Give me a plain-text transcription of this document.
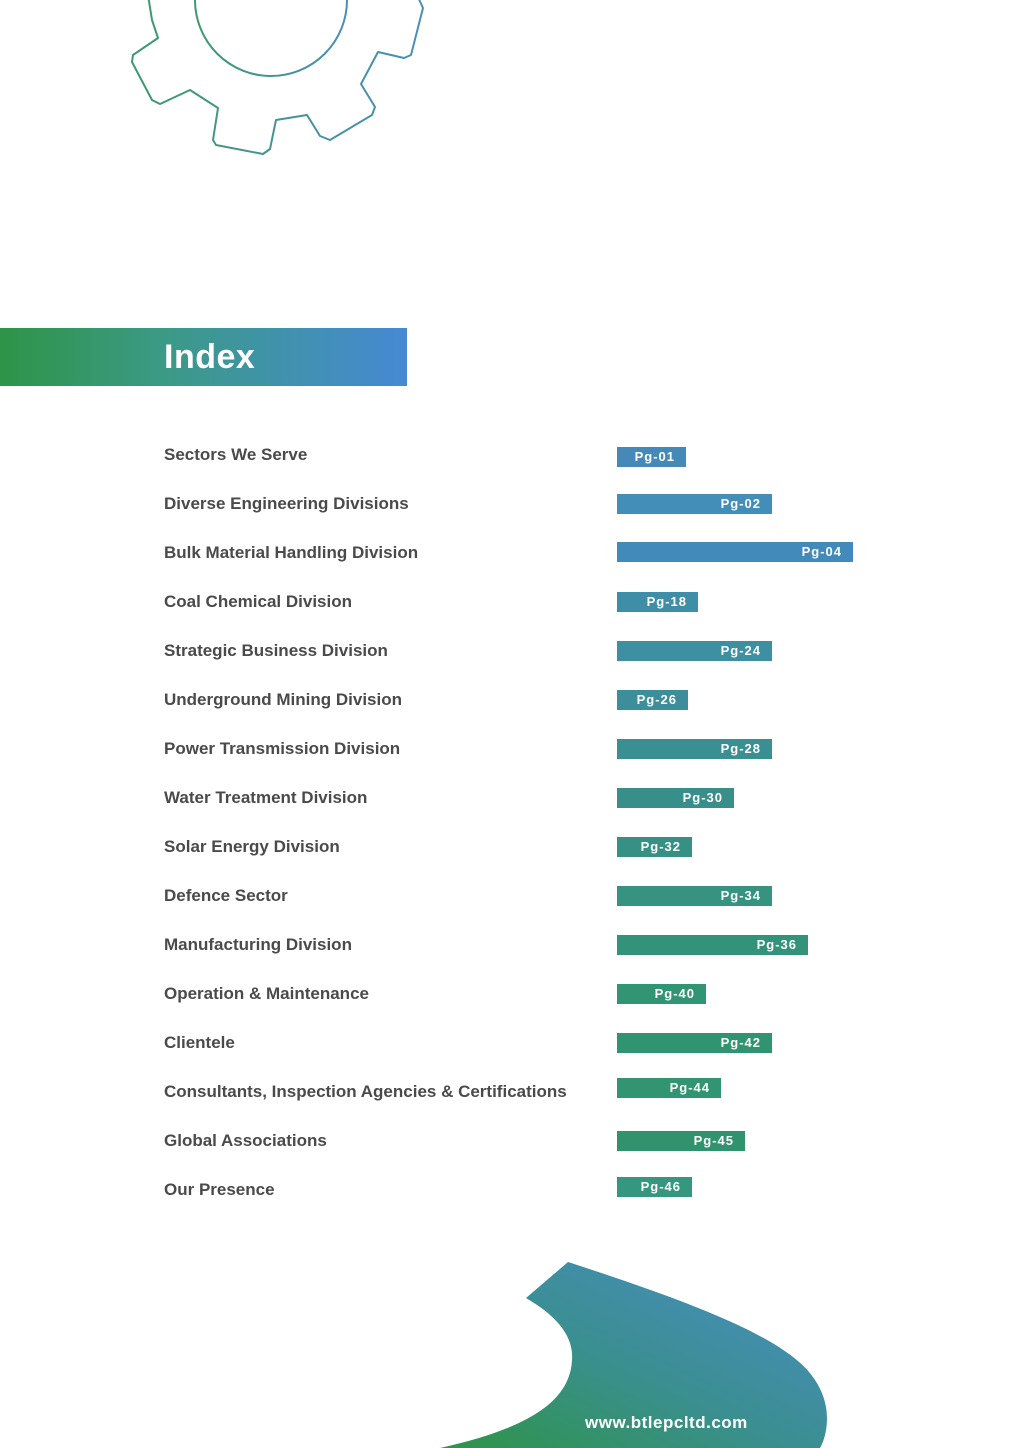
Index
Sectors We Serve	Pg-01
Diverse Engineering Divisions	Pg-02
Bulk Material Handling Division	Pg-04
Coal Chemical Division	Pg-18
Strategic Business Division	Pg-24
Underground Mining Division	Pg-26
Power Transmission Division	Pg-28
Water Treatment Division	Pg-30
Solar Energy Division	Pg-32
Defence Sector	Pg-34
Manufacturing Division	Pg-36
Operation & Maintenance	Pg-40
Clientele	Pg-42
Consultants, Inspection Agencies & Certifications	Pg-44
Global Associations	Pg-45
Our Presence	Pg-46
www.btlepcltd.com
